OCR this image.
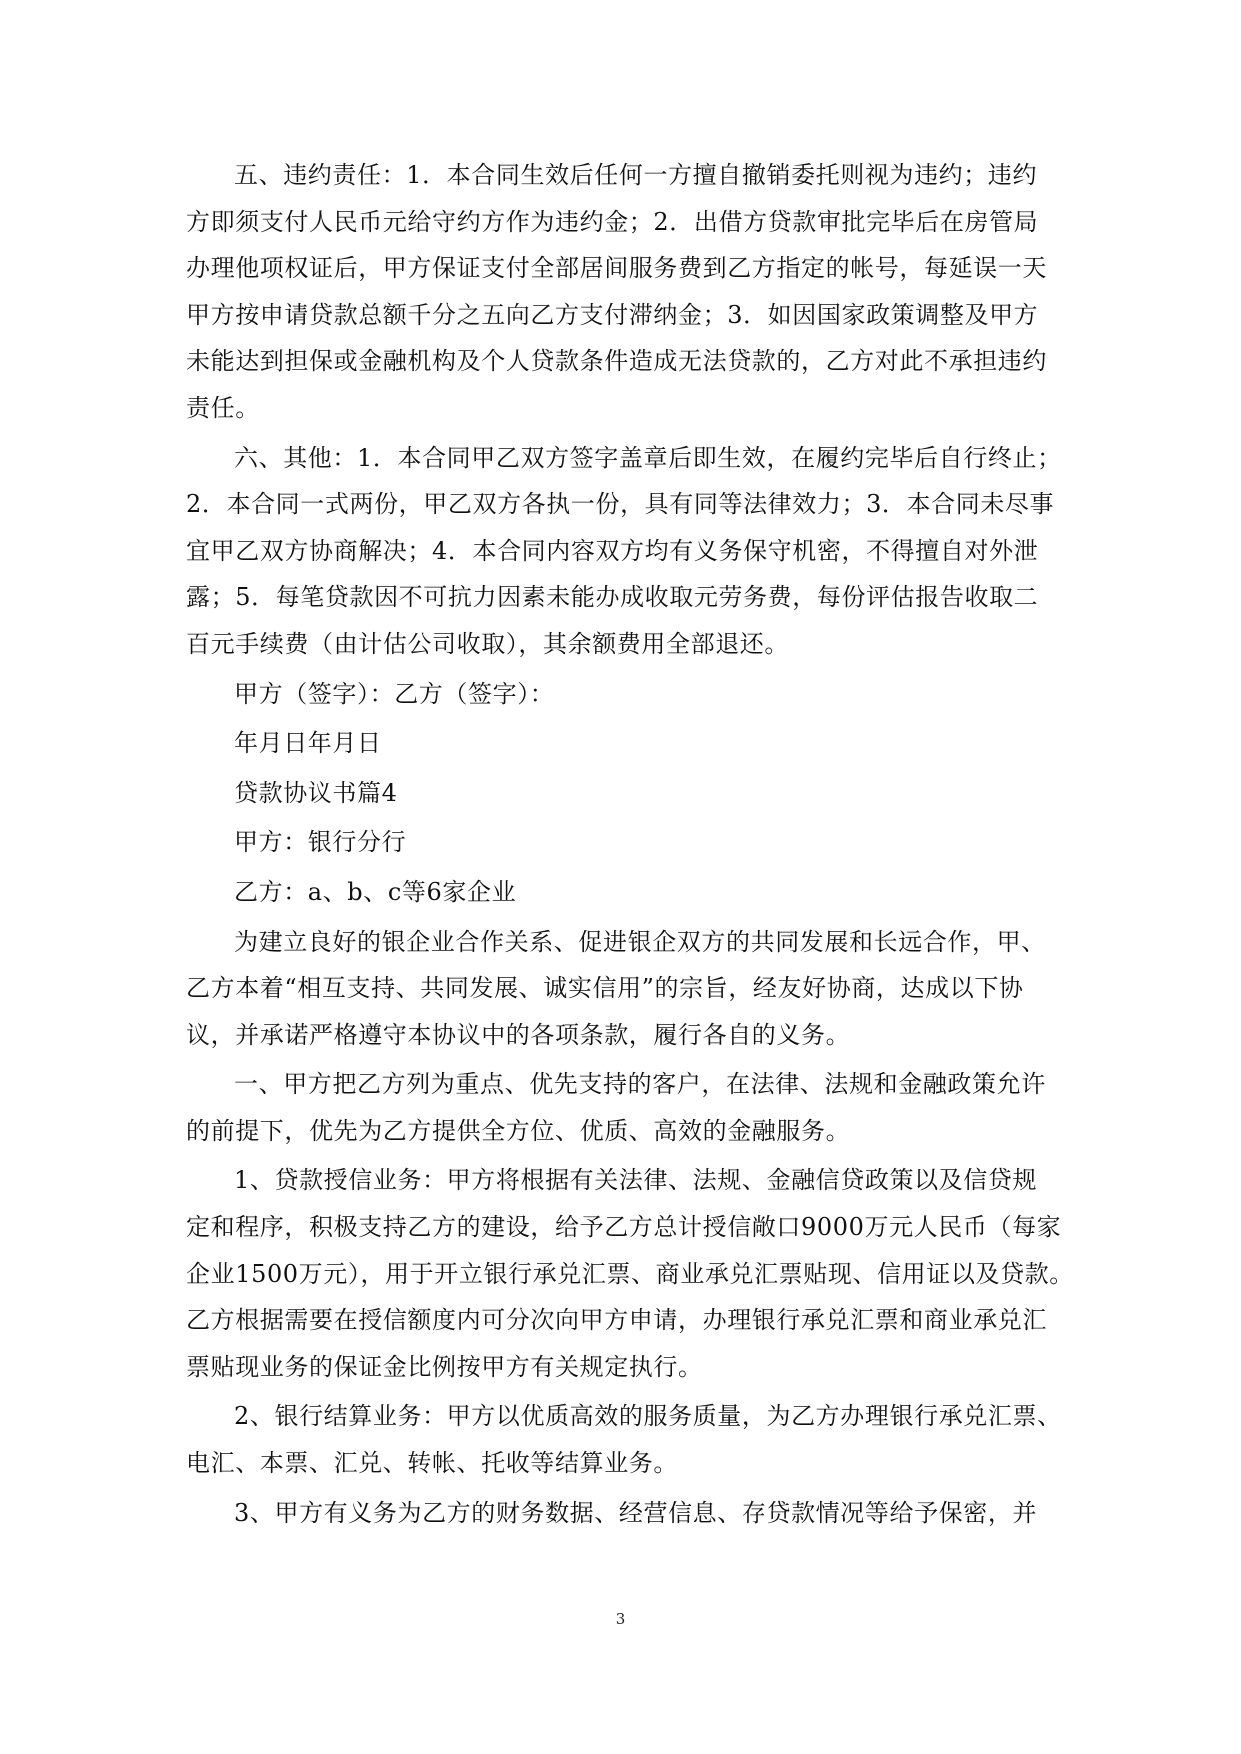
五、违约责任：1．本合同生效后任何一方擅自撤销委托则视为违约；违约
方即须支付人民币元给守约方作为违约金；2．出借方贷款审批完毕后在房管局
办理他项权证后，甲方保证支付全部居间服务费到乙方指定的帐号，每延误一天
甲方按申请贷款总额千分之五向乙方支付滞纳金；3．如因国家政策调整及甲方
未能达到担保或金融机构及个人贷款条件造成无法贷款的，乙方对此不承担违约
责任。

六、其他：1．本合同甲乙双方签字盖章后即生效，在履约完毕后自行终止；
2．本合同一式两份，甲乙双方各执一份，具有同等法律效力；3．本合同未尽事
宜甲乙双方协商解决；4．本合同内容双方均有义务保守机密，不得擅自对外泄
露；5．每笔贷款因不可抗力因素未能办成收取元劳务费，每份评估报告收取二
百元手续费（由计估公司收取），其余额费用全部退还。

甲方（签字）：乙方（签字）：

年月日年月日

贷款协议书篇4

甲方：银行分行

乙方：a、b、c等6家企业

为建立良好的银企业合作关系、促进银企双方的共同发展和长远合作，甲、
乙方本着“相互支持、共同发展、诚实信用”的宗旨，经友好协商，达成以下协
议，并承诺严格遵守本协议中的各项条款，履行各自的义务。

一、甲方把乙方列为重点、优先支持的客户，在法律、法规和金融政策允许
的前提下，优先为乙方提供全方位、优质、高效的金融服务。

1、贷款授信业务：甲方将根据有关法律、法规、金融信贷政策以及信贷规
定和程序，积极支持乙方的建设，给予乙方总计授信敞口9000万元人民币（每家
企业1500万元），用于开立银行承兑汇票、商业承兑汇票贴现、信用证以及贷款。
乙方根据需要在授信额度内可分次向甲方申请，办理银行承兑汇票和商业承兑汇
票贴现业务的保证金比例按甲方有关规定执行。

2、银行结算业务：甲方以优质高效的服务质量，为乙方办理银行承兑汇票、
电汇、本票、汇兑、转帐、托收等结算业务。

3、甲方有义务为乙方的财务数据、经营信息、存贷款情况等给予保密，并

3
